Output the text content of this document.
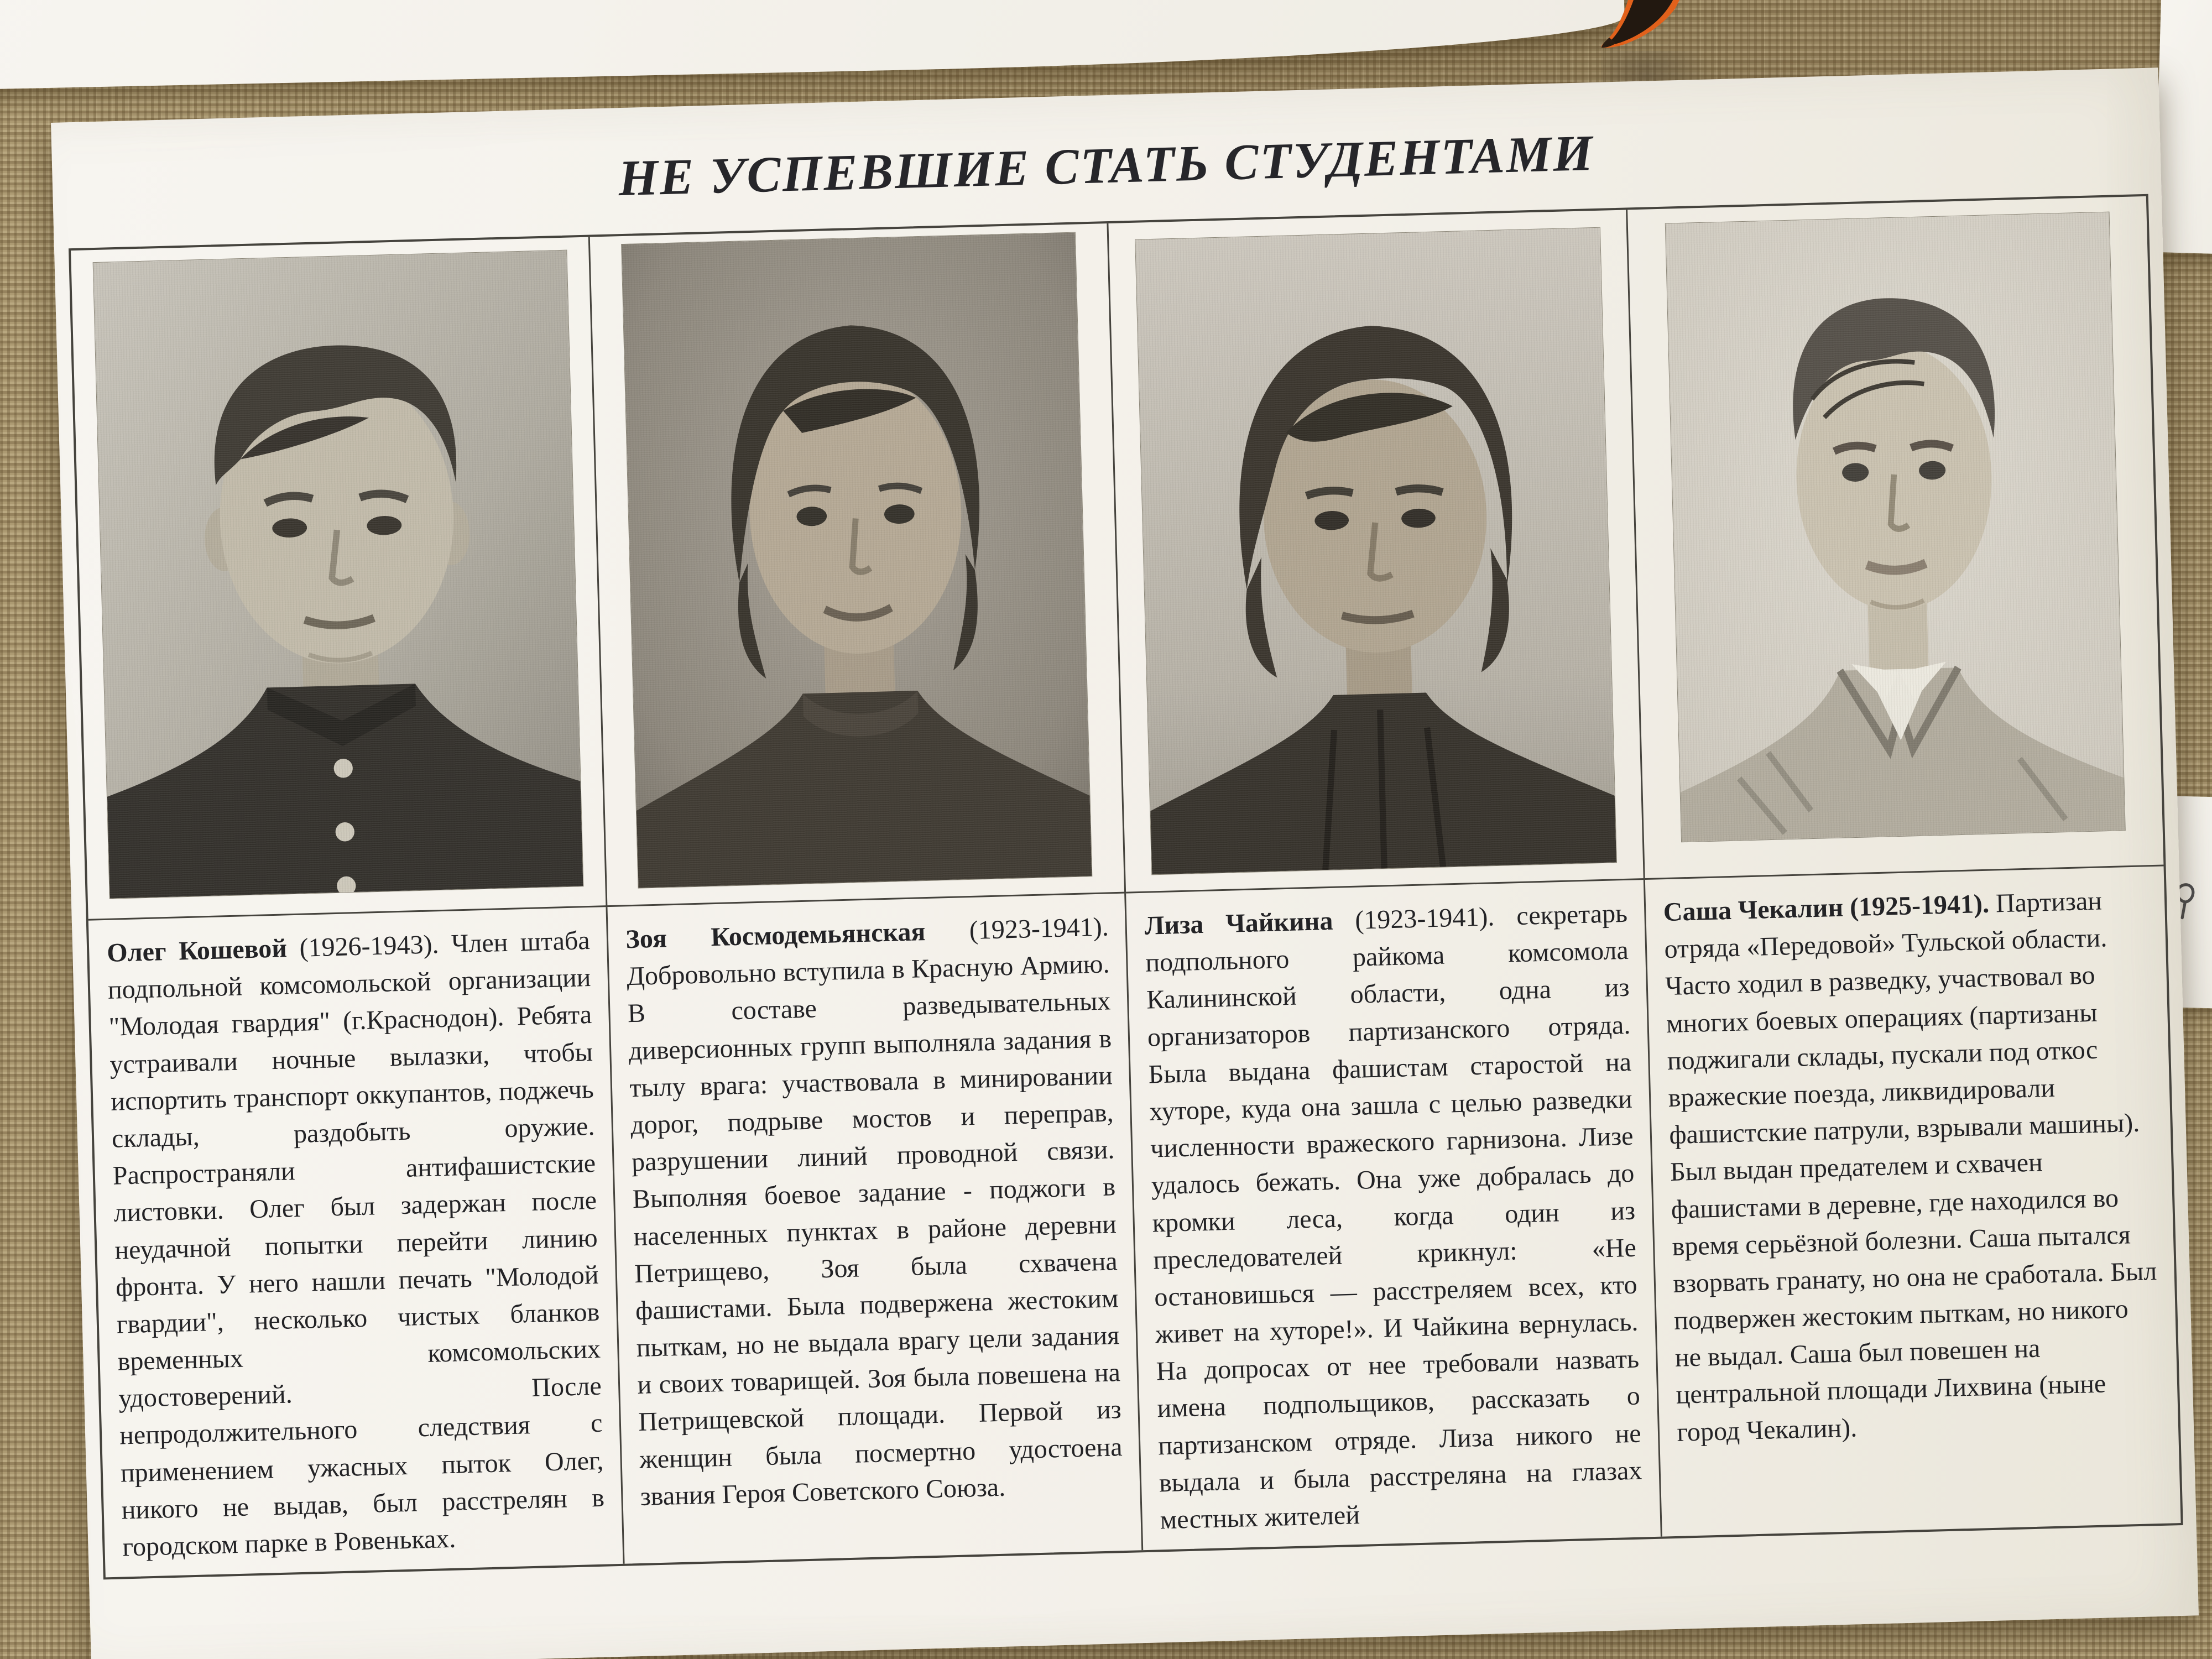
НЕ УСПЕВШИЕ СТАТЬ СТУДЕНТАМИ
Олег Кошевой (1926-1943). Член штаба подпольной комсомольской организации "Молодая гвардия" (г.Краснодон). Ребята устраивали ночные вылазки, чтобы испортить транспорт оккупантов, поджечь склады, раздобыть оружие. Распространяли антифашистские листовки. Олег был задержан после неудачной попытки перейти линию фронта. У него нашли печать "Молодой гвардии", несколько чистых бланков временных комсомольских удостоверений. После непродолжительного следствия с применением ужасных пыток Олег, никого не выдав, был расстрелян в городском парке в Ровеньках.
Зоя Космодемьянская (1923-1941). Добровольно вступила в Красную Армию. В составе разведывательных диверсионных групп выполняла задания в тылу врага: участвовала в минировании дорог, подрыве мостов и переправ, разрушении линий проводной связи. Выполняя боевое задание - поджоги в населенных пунктах в районе деревни Петрищево, Зоя была схвачена фашистами. Была подвержена жестоким пыткам, но не выдала врагу цели задания и своих товарищей. Зоя была повешена на Петрищевской площади. Первой из женщин была посмертно удостоена звания Героя Советского Союза.
Лиза Чайкина (1923-1941). секретарь подпольного райкома комсомола Калининской области, одна из организаторов партизанского отряда. Была выдана фашистам старостой на хуторе, куда она зашла с целью разведки численности вражеского гарнизона. Лизе удалось бежать. Она уже добралась до кромки леса, когда один из преследователей крикнул: «Не остановишься — расстреляем всех, кто живет на хуторе!». И Чайкина вернулась. На допросах от нее требовали назвать имена подпольщиков, рассказать о партизанском отряде. Лиза никого не выдала и была расстреляна на глазах местных жителей
Саша Чекалин (1925-1941). Партизан отряда «Передовой» Тульской области. Часто ходил в разведку, участвовал во многих боевых операциях (партизаны поджигали склады, пускали под откос вражеские поезда, ликвидировали фашистские патрули, взрывали машины). Был выдан предателем и схвачен фашистами в деревне, где находился во время серьёзной болезни. Саша пытался взорвать гранату, но она не сработала. Был подвержен жестоким пыткам, но никого не выдал. Саша был повешен на центральной площади Лихвина (ныне город Чекалин).
